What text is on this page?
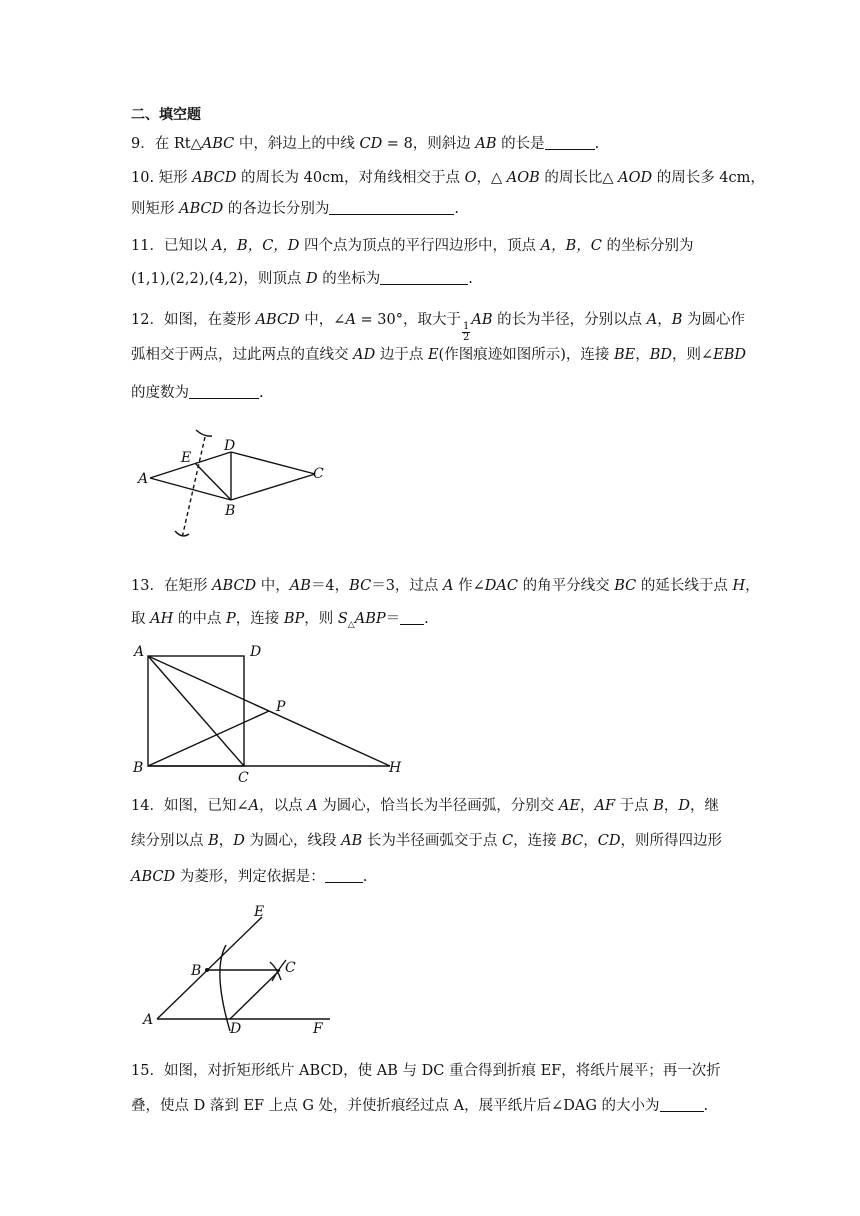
二、填空题
9．在 Rt△ABC 中，斜边上的中线 CD = 8，则斜边 AB 的长是	.
10. 矩形 ABCD 的周长为 40cm，对角线相交于点 O，△ AOB 的周长比△ AOD 的周长多 4cm，
则矩形 ABCD 的各边长分别为	.
11．已知以 A，B，C，D 四个点为顶点的平行四边形中，顶点 A，B，C 的坐标分别为
(1,1),(2,2),(4,2)，则顶点 D 的坐标为	.
12．如图，在菱形 ABCD 中，∠A = 30°，取大于
$\frac{1}{2}$
AB 的长为半径，分别以点 A，B 为圆心作
弧相交于两点，过此两点的直线交 AD 边于点 E(作图痕迹如图所示)，连接 BE，BD，则∠EBD
的度数为	.
A
E
D
C
B
13．在矩形 ABCD 中，AB＝4，BC＝3，过点 A 作∠DAC 的角平分线交 BC 的延长线于点 H，
取 AH 的中点 P，连接 BP，则 $S_\triangle ABP=$ .
A	D
P
B
C
H
14．如图，已知∠A，以点 A 为圆心，恰当长为半径画弧，分别交 AE，AF 于点 B，D，继
续分别以点 B，D 为圆心，线段 AB 长为半径画弧交于点 C，连接 BC，CD，则所得四边形
ABCD 为菱形，判定依据是：	.
E
B	C
A
D	F
15．如图，对折矩形纸片 ABCD，使 AB 与 DC 重合得到折痕 EF，将纸片展平；再一次折
叠，使点 D 落到 EF 上点 G 处，并使折痕经过点 A，展平纸片后∠DAG 的大小为	.
